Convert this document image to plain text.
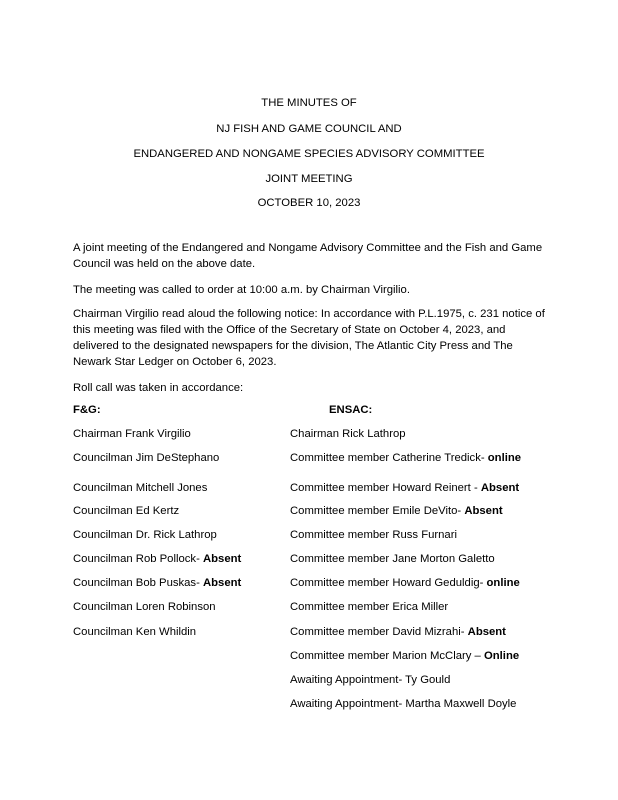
THE MINUTES OF
NJ FISH AND GAME COUNCIL AND
ENDANGERED AND NONGAME SPECIES ADVISORY COMMITTEE
JOINT MEETING
OCTOBER 10, 2023
A joint meeting of the Endangered and Nongame Advisory Committee and the Fish and Game Council was held on the above date.
The meeting was called to order at 10:00 a.m. by Chairman Virgilio.
Chairman Virgilio read aloud the following notice: In accordance with P.L.1975, c. 231 notice of this meeting was filed with the Office of the Secretary of State on October 4, 2023, and delivered to the designated newspapers for the division, The Atlantic City Press and The Newark Star Ledger on October 6, 2023.
Roll call was taken in accordance:
F&G:	ENSAC:
Chairman Frank Virgilio
Councilman Jim DeStephano
Councilman Mitchell Jones
Councilman Ed Kertz
Councilman Dr. Rick Lathrop
Councilman Rob Pollock- Absent
Councilman Bob Puskas- Absent
Councilman Loren Robinson
Councilman Ken Whildin
Chairman Rick Lathrop
Committee member Catherine Tredick- online
Committee member Howard Reinert - Absent
Committee member Emile DeVito- Absent
Committee member Russ Furnari
Committee member Jane Morton Galetto
Committee member Howard Geduldig- online
Committee member Erica Miller
Committee member David Mizrahi- Absent
Committee member Marion McClary – Online
Awaiting Appointment- Ty Gould
Awaiting Appointment- Martha Maxwell Doyle
